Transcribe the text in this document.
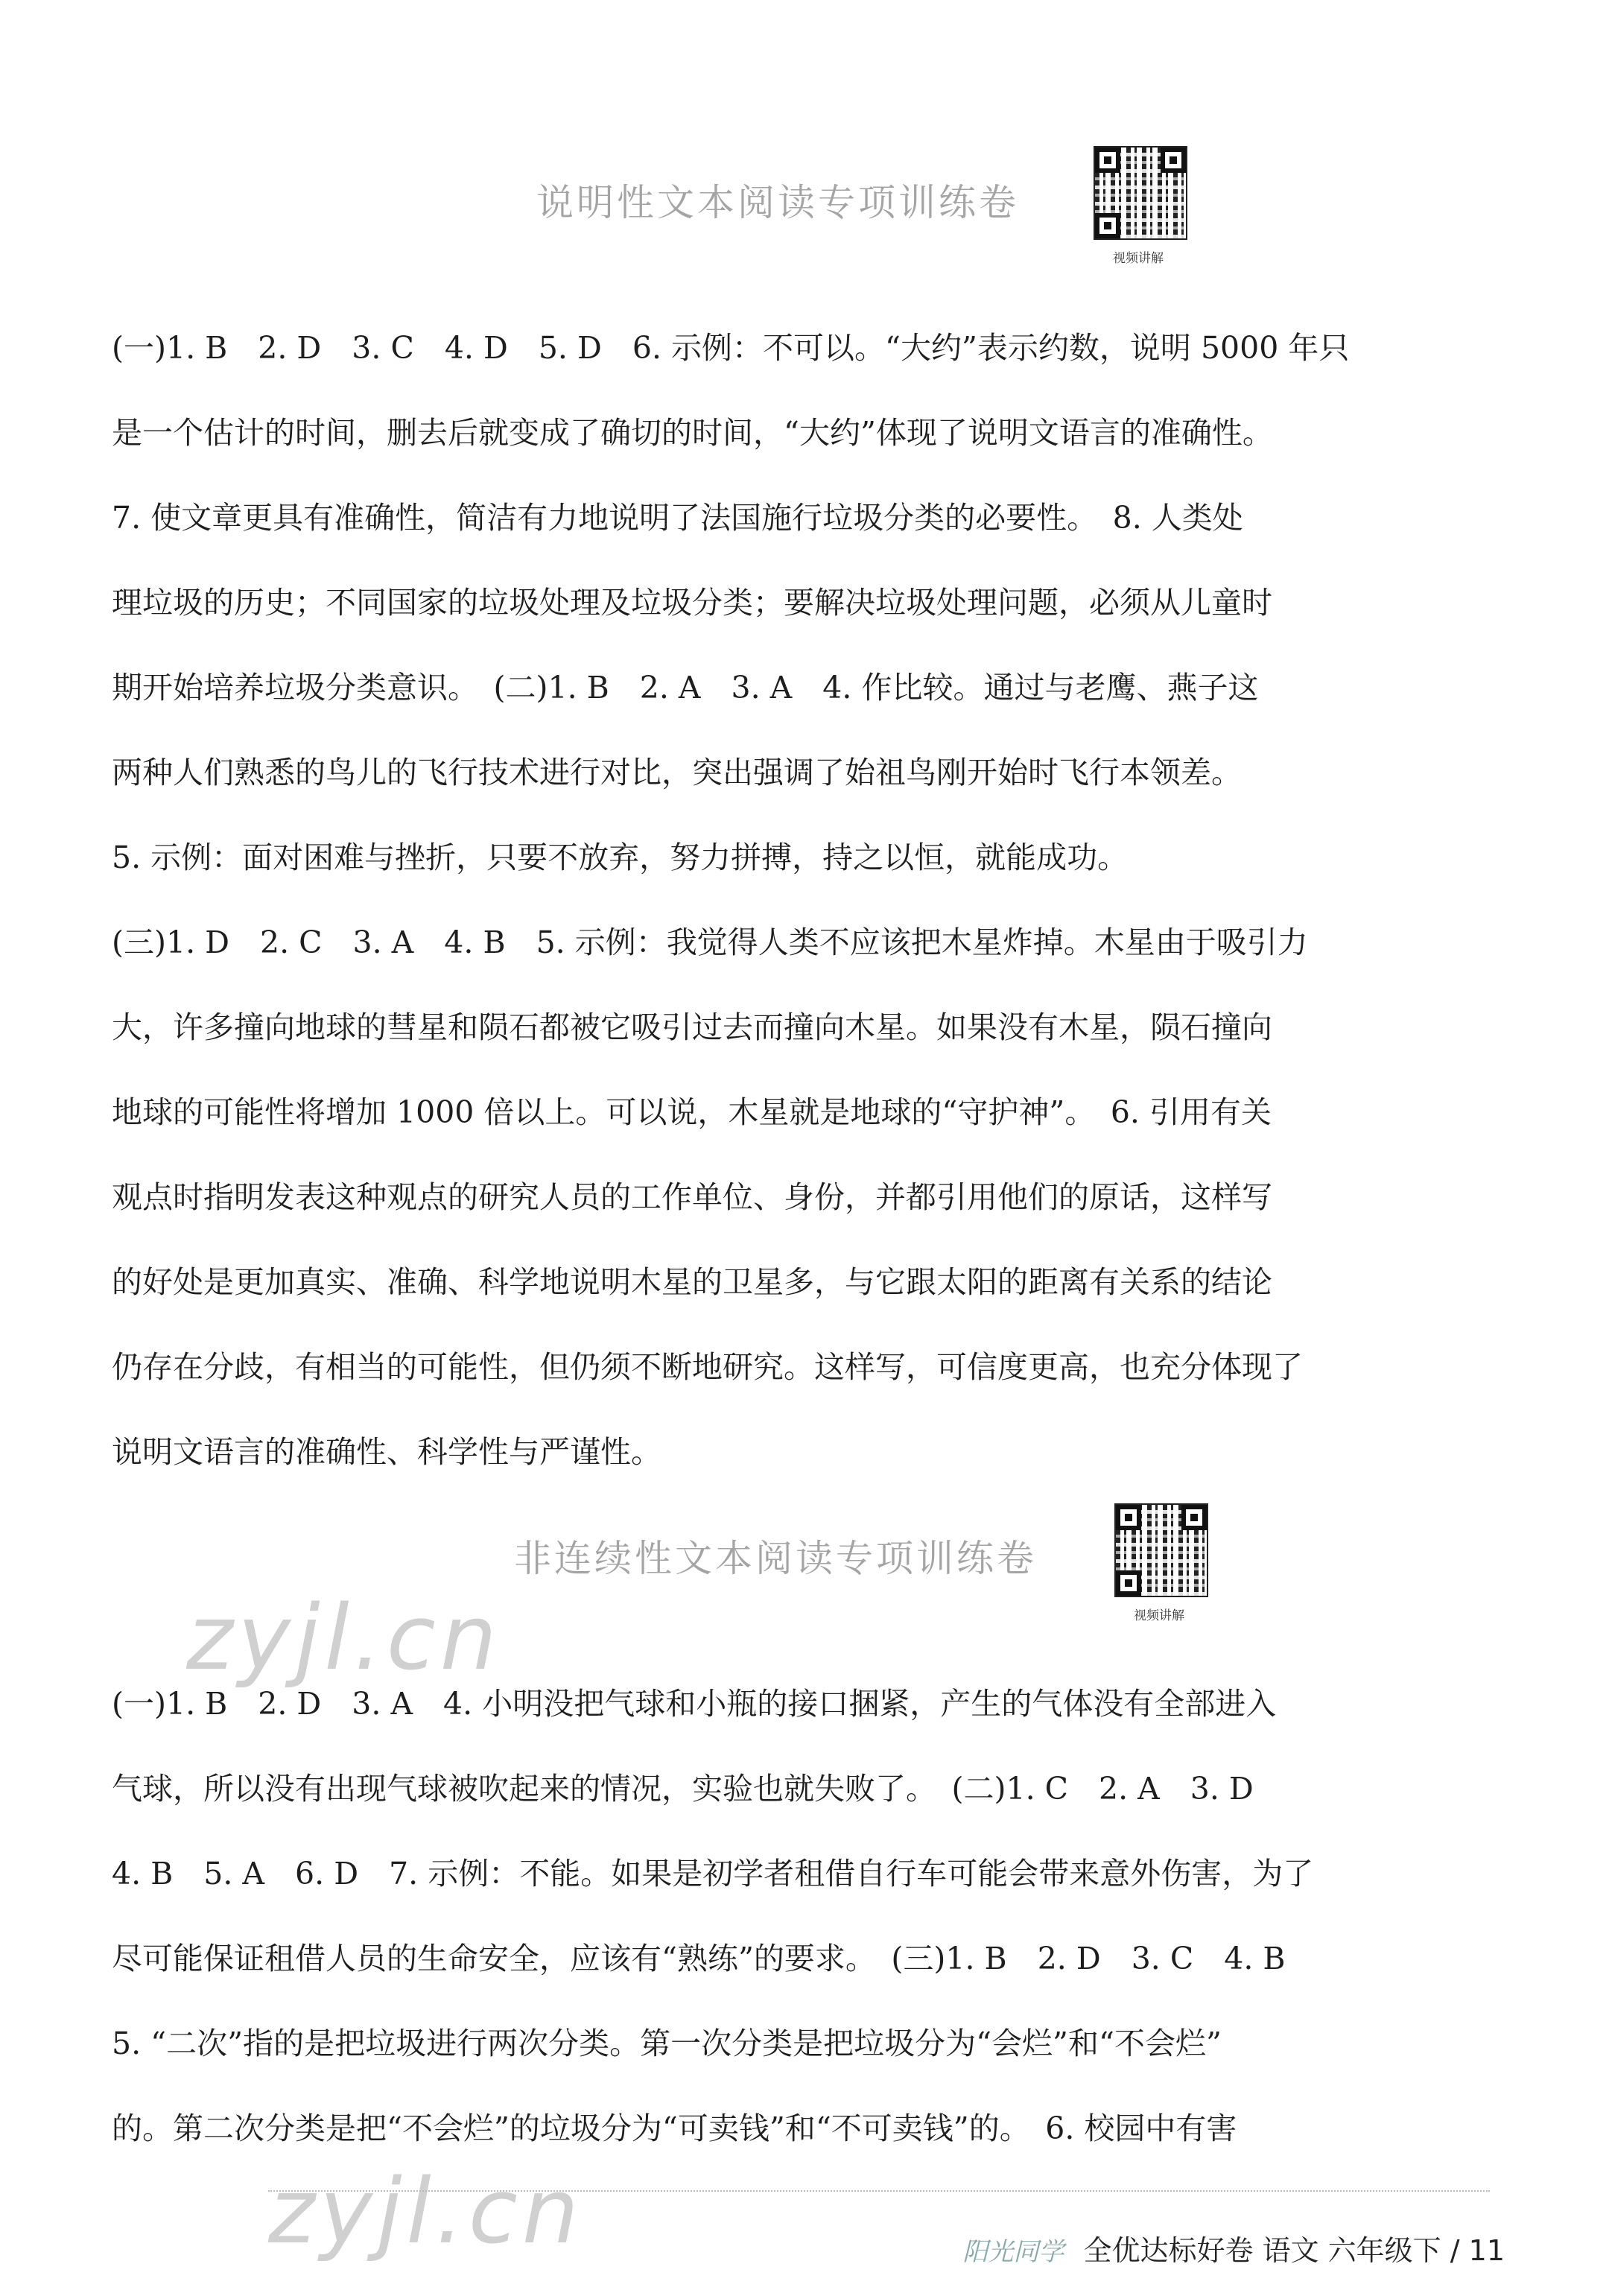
说明性文本阅读专项训练卷
视频讲解
(一)1. B　2. D　3. C　4. D　5. D　6. 示例：不可以。“大约”表示约数，说明 5000 年只
是一个估计的时间，删去后就变成了确切的时间，“大约”体现了说明文语言的准确性。
7. 使文章更具有准确性，简洁有力地说明了法国施行垃圾分类的必要性。　8. 人类处
理垃圾的历史；不同国家的垃圾处理及垃圾分类；要解决垃圾处理问题，必须从儿童时
期开始培养垃圾分类意识。　(二)1. B　2. A　3. A　4. 作比较。通过与老鹰、燕子这
两种人们熟悉的鸟儿的飞行技术进行对比，突出强调了始祖鸟刚开始时飞行本领差。
5. 示例：面对困难与挫折，只要不放弃，努力拼搏，持之以恒，就能成功。
(三)1. D　2. C　3. A　4. B　5. 示例：我觉得人类不应该把木星炸掉。木星由于吸引力
大，许多撞向地球的彗星和陨石都被它吸引过去而撞向木星。如果没有木星，陨石撞向
地球的可能性将增加 1000 倍以上。可以说，木星就是地球的“守护神”。　6. 引用有关
观点时指明发表这种观点的研究人员的工作单位、身份，并都引用他们的原话，这样写
的好处是更加真实、准确、科学地说明木星的卫星多，与它跟太阳的距离有关系的结论
仍存在分歧，有相当的可能性，但仍须不断地研究。这样写，可信度更高，也充分体现了
说明文语言的准确性、科学性与严谨性。
非连续性文本阅读专项训练卷
视频讲解
(一)1. B　2. D　3. A　4. 小明没把气球和小瓶的接口捆紧，产生的气体没有全部进入
气球，所以没有出现气球被吹起来的情况，实验也就失败了。　(二)1. C　2. A　3. D
4. B　5. A　6. D　7. 示例：不能。如果是初学者租借自行车可能会带来意外伤害，为了
尽可能保证租借人员的生命安全，应该有“熟练”的要求。　(三)1. B　2. D　3. C　4. B
5. “二次”指的是把垃圾进行两次分类。第一次分类是把垃圾分为“会烂”和“不会烂”
的。第二次分类是把“不会烂”的垃圾分为“可卖钱”和“不可卖钱”的。　6. 校园中有害
zyjl.cn
zyjl.cn	阳光同学 全优达标好卷 语文 六年级下 / 11
